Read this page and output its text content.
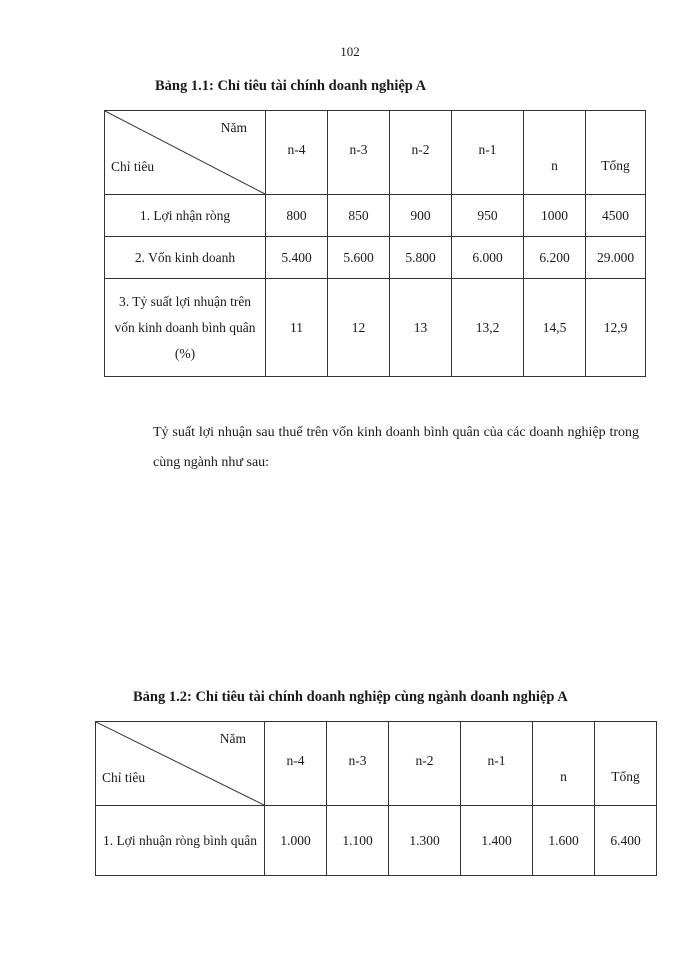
102
Bảng 1.1: Chỉ tiêu tài chính doanh nghiệp A
Năm
Chỉ tiêu	n-4	n-3	n-2	n-1	n	Tổng
1. Lợi nhận ròng	800	850	900	950	1000	4500
2. Vốn kinh doanh	5.400	5.600	5.800	6.000	6.200	29.000
3. Tỷ suất lợi nhuận trên vốn kinh doanh bình quân (%)	11	12	13	13,2	14,5	12,9
Tỷ suất lợi nhuận sau thuế trên vốn kinh doanh bình quân của các doanh nghiệp trong cùng ngành như sau:
Bảng 1.2: Chỉ tiêu tài chính doanh nghiệp cùng ngành doanh nghiệp A
Năm
Chỉ tiêu	n-4	n-3	n-2	n-1	n	Tổng
1. Lợi nhuận ròng bình quân	1.000	1.100	1.300	1.400	1.600	6.400
